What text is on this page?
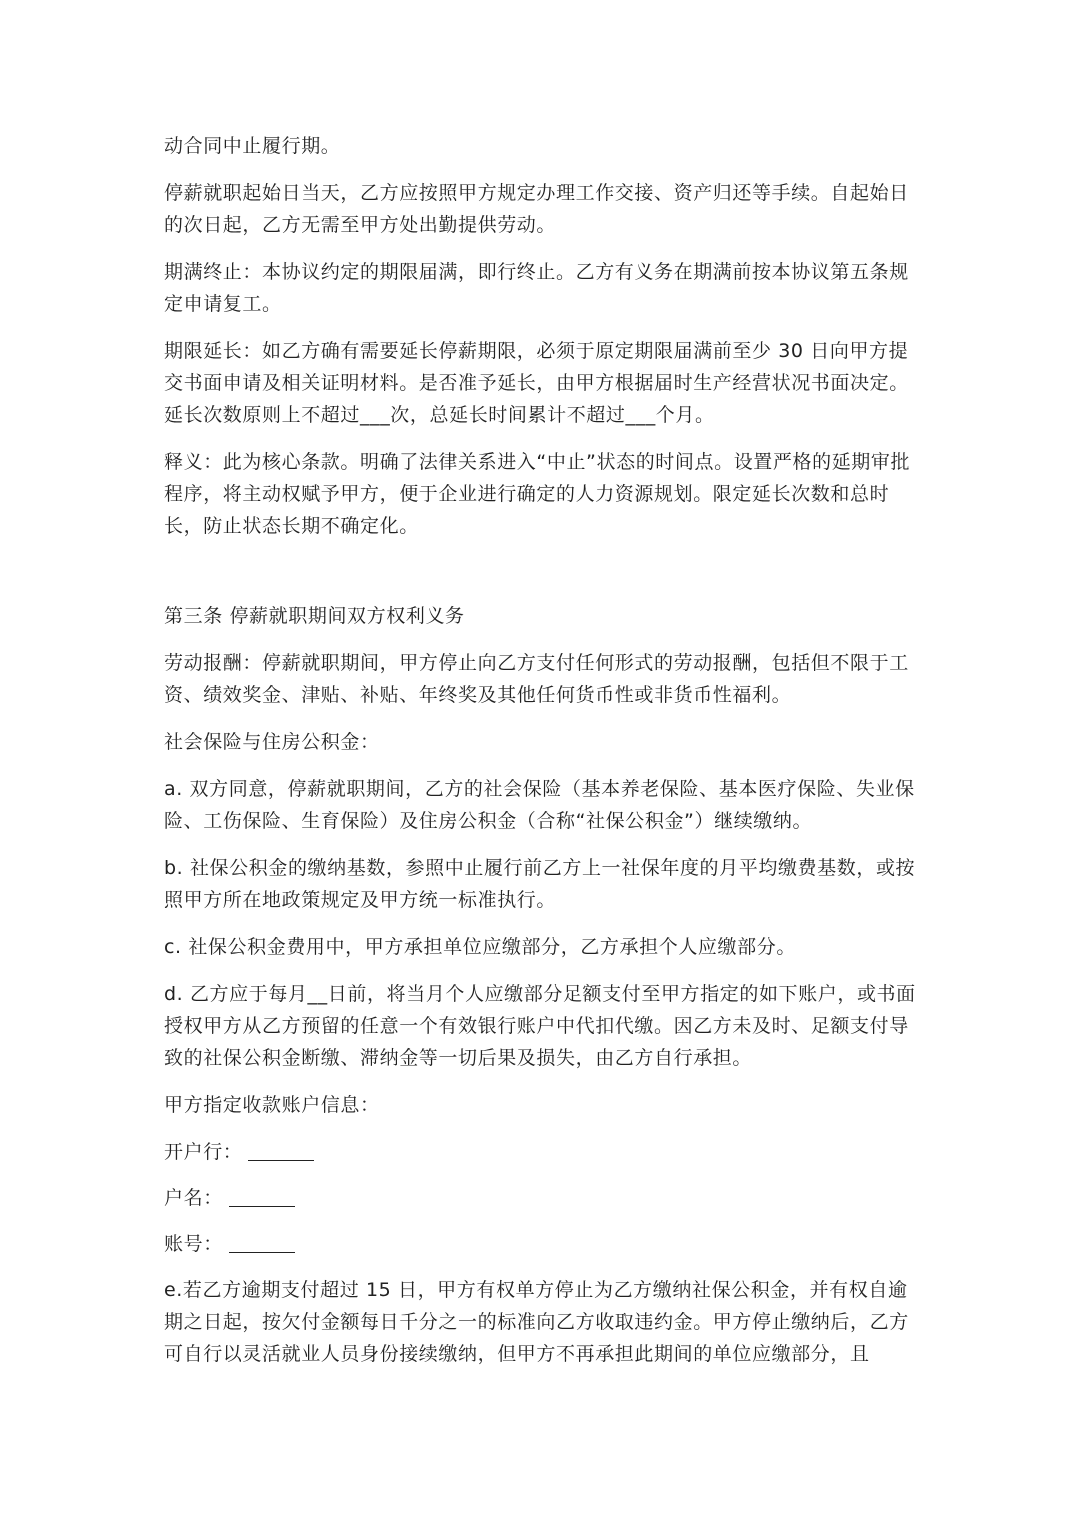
动合同中止履行期。

停薪就职起始日当天，乙方应按照甲方规定办理工作交接、资产归还等手续。自起始日的次日起，乙方无需至甲方处出勤提供劳动。

期满终止：本协议约定的期限届满，即行终止。乙方有义务在期满前按本协议第五条规定申请复工。

期限延长：如乙方确有需要延长停薪期限，必须于原定期限届满前至少 30 日向甲方提交书面申请及相关证明材料。是否准予延长，由甲方根据届时生产经营状况书面决定。延长次数原则上不超过___次，总延长时间累计不超过___个月。

释义：此为核心条款。明确了法律关系进入“中止”状态的时间点。设置严格的延期审批程序，将主动权赋予甲方，便于企业进行确定的人力资源规划。限定延长次数和总时长，防止状态长期不确定化。

第三条 停薪就职期间双方权利义务

劳动报酬：停薪就职期间，甲方停止向乙方支付任何形式的劳动报酬，包括但不限于工资、绩效奖金、津贴、补贴、年终奖及其他任何货币性或非货币性福利。

社会保险与住房公积金：

a. 双方同意，停薪就职期间，乙方的社会保险（基本养老保险、基本医疗保险、失业保险、工伤保险、生育保险）及住房公积金（合称“社保公积金”）继续缴纳。

b. 社保公积金的缴纳基数，参照中止履行前乙方上一社保年度的月平均缴费基数，或按照甲方所在地政策规定及甲方统一标准执行。

c. 社保公积金费用中，甲方承担单位应缴部分，乙方承担个人应缴部分。

d. 乙方应于每月__日前，将当月个人应缴部分足额支付至甲方指定的如下账户，或书面授权甲方从乙方预留的任意一个有效银行账户中代扣代缴。因乙方未及时、足额支付导致的社保公积金断缴、滞纳金等一切后果及损失，由乙方自行承担。

甲方指定收款账户信息：

开户行：

户名：

账号：

e.若乙方逾期支付超过 15 日，甲方有权单方停止为乙方缴纳社保公积金，并有权自逾期之日起，按欠付金额每日千分之一的标准向乙方收取违约金。甲方停止缴纳后，乙方可自行以灵活就业人员身份接续缴纳，但甲方不再承担此期间的单位应缴部分，且
